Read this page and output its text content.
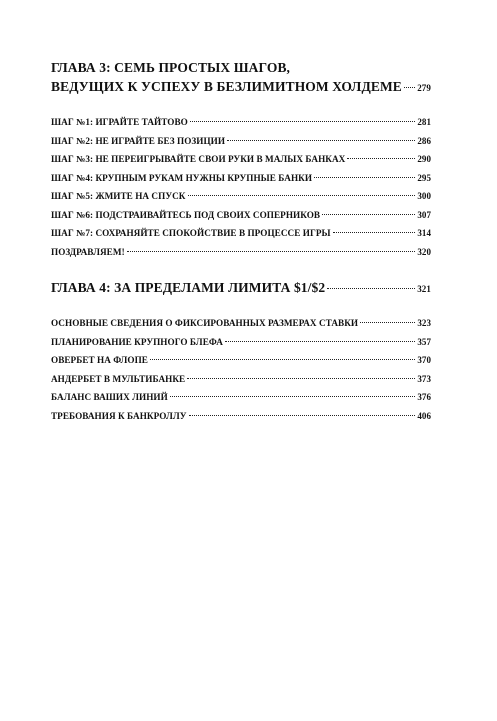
ГЛАВА 3: СЕМЬ ПРОСТЫХ ШАГОВ,
ВЕДУЩИХ К УСПЕХУ В БЕЗЛИМИТНОМ ХОЛДЕМЕ 279
ШАГ №1: ИГРАЙТЕ ТАЙТОВО	281
ШАГ №2: НЕ ИГРАЙТЕ БЕЗ ПОЗИЦИИ	286
ШАГ №3: НЕ ПЕРЕИГРЫВАЙТЕ СВОИ РУКИ В МАЛЫХ БАНКАХ	290
ШАГ №4: КРУПНЫМ РУКАМ НУЖНЫ КРУПНЫЕ БАНКИ	295
ШАГ №5: ЖМИТЕ НА СПУСК	300
ШАГ №6: ПОДСТРАИВАЙТЕСЬ ПОД СВОИХ СОПЕРНИКОВ	307
ШАГ №7: СОХРАНЯЙТЕ СПОКОЙСТВИЕ В ПРОЦЕССЕ ИГРЫ	314
ПОЗДРАВЛЯЕМ!	320
ГЛАВА 4: ЗА ПРЕДЕЛАМИ ЛИМИТА $1/$2	321
ОСНОВНЫЕ СВЕДЕНИЯ О ФИКСИРОВАННЫХ РАЗМЕРАХ СТАВКИ	323
ПЛАНИРОВАНИЕ КРУПНОГО БЛЕФА	357
ОВЕРБЕТ НА ФЛОПЕ	370
АНДЕРБЕТ В МУЛЬТИБАНКЕ	373
БАЛАНС ВАШИХ ЛИНИЙ	376
ТРЕБОВАНИЯ К БАНКРОЛЛУ	406
